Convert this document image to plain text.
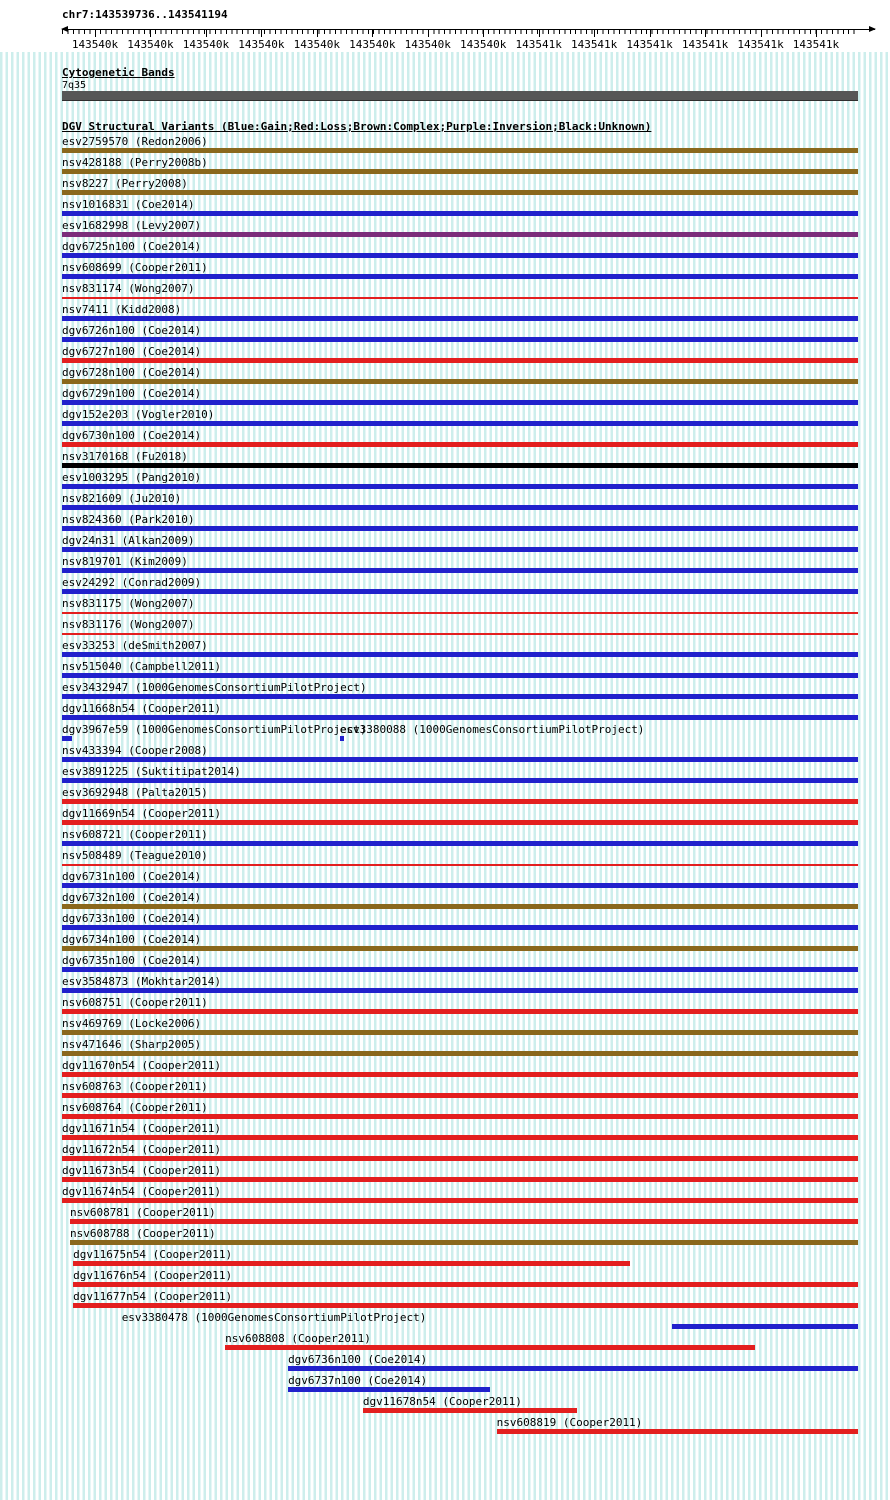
chr7:143539736..143541194
143540k 143540k 143540k 143540k 143540k 143540k 143540k 143540k 143541k 143541k 143541k 143541k 143541k 143541k
Cytogenetic Bands
7q35
DGV Structural Variants (Blue:Gain;Red:Loss;Brown:Complex;Purple:Inversion;Black:Unknown)
esv2759570 (Redon2006)
nsv428188 (Perry2008b)
nsv8227 (Perry2008)
nsv1016831 (Coe2014)
esv1682998 (Levy2007)
dgv6725n100 (Coe2014)
nsv608699 (Cooper2011)
nsv831174 (Wong2007)
nsv7411 (Kidd2008)
dgv6726n100 (Coe2014)
dgv6727n100 (Coe2014)
dgv6728n100 (Coe2014)
dgv6729n100 (Coe2014)
dgv152e203 (Vogler2010)
dgv6730n100 (Coe2014)
nsv3170168 (Fu2018)
esv1003295 (Pang2010)
nsv821609 (Ju2010)
nsv824360 (Park2010)
dgv24n31 (Alkan2009)
nsv819701 (Kim2009)
esv24292 (Conrad2009)
nsv831175 (Wong2007)
nsv831176 (Wong2007)
esv33253 (deSmith2007)
nsv515040 (Campbell2011)
esv3432947 (1000GenomesConsortiumPilotProject)
dgv11668n54 (Cooper2011)
dgv3967e59 (1000GenomesConsortiumPilotProject)
esv3380088 (1000GenomesConsortiumPilotProject)
nsv433394 (Cooper2008)
esv3891225 (Suktitipat2014)
esv3692948 (Palta2015)
dgv11669n54 (Cooper2011)
nsv608721 (Cooper2011)
nsv508489 (Teague2010)
dgv6731n100 (Coe2014)
dgv6732n100 (Coe2014)
dgv6733n100 (Coe2014)
dgv6734n100 (Coe2014)
dgv6735n100 (Coe2014)
esv3584873 (Mokhtar2014)
nsv608751 (Cooper2011)
nsv469769 (Locke2006)
nsv471646 (Sharp2005)
dgv11670n54 (Cooper2011)
nsv608763 (Cooper2011)
nsv608764 (Cooper2011)
dgv11671n54 (Cooper2011)
dgv11672n54 (Cooper2011)
dgv11673n54 (Cooper2011)
dgv11674n54 (Cooper2011)
nsv608781 (Cooper2011)
nsv608788 (Cooper2011)
dgv11675n54 (Cooper2011)
dgv11676n54 (Cooper2011)
dgv11677n54 (Cooper2011)
esv3380478 (1000GenomesConsortiumPilotProject)
nsv608808 (Cooper2011)
dgv6736n100 (Coe2014)
dgv6737n100 (Coe2014)
dgv11678n54 (Cooper2011)
nsv608819 (Cooper2011)
